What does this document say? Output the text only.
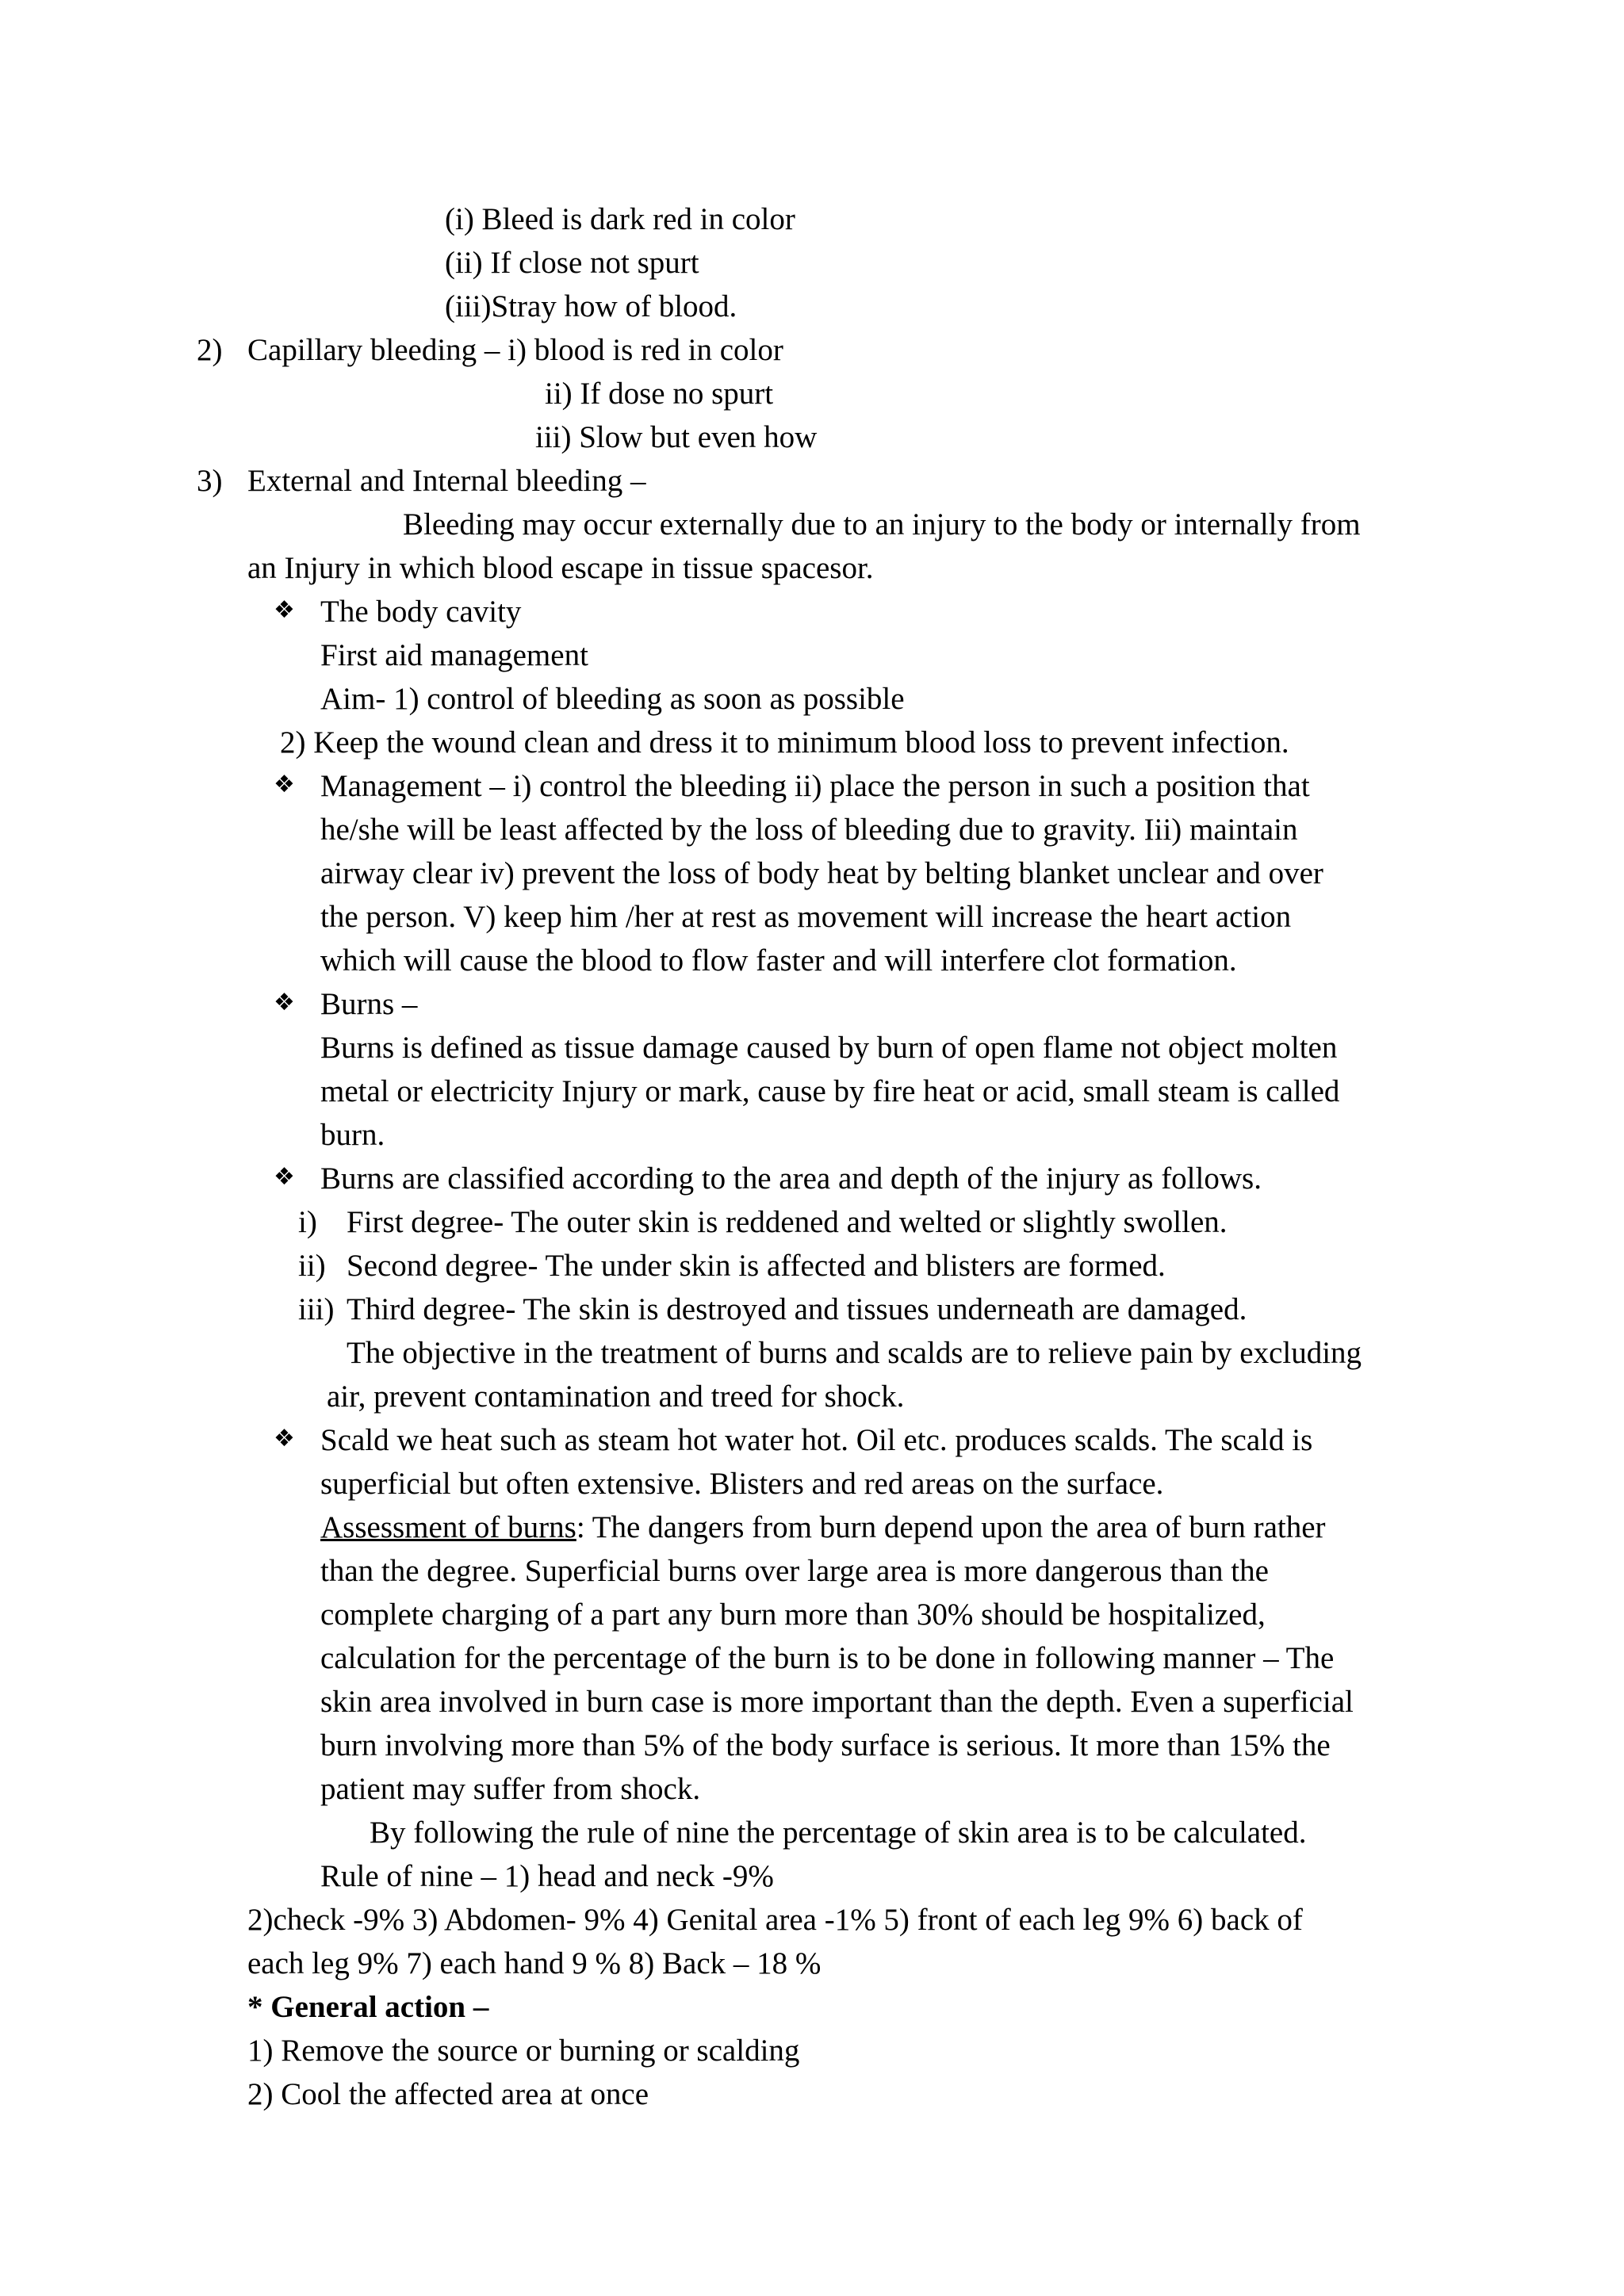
(i) Bleed is dark red in color
(ii) If close not spurt
(iii)Stray how of blood.
2) Capillary bleeding – i) blood is red in color
ii) If dose no spurt
iii) Slow but even how
3) External and Internal bleeding –
Bleeding may occur externally due to an injury to the body or internally from
an Injury in which blood escape in tissue spacesor.
❖ The body cavity
First aid management
Aim- 1) control of bleeding as soon as possible
2) Keep the wound clean and dress it to minimum blood loss to prevent infection.
❖ Management – i) control the bleeding ii) place the person in such a position that
he/she will be least affected by the loss of bleeding due to gravity. Iii) maintain
airway clear iv) prevent the loss of body heat by belting blanket unclear and over
the person. V) keep him /her at rest as movement will increase the heart action
which will cause the blood to flow faster and will interfere clot formation.
❖ Burns –
Burns is defined as tissue damage caused by burn of open flame not object molten
metal or electricity Injury or mark, cause by fire heat or acid, small steam is called
burn.
❖ Burns are classified according to the area and depth of the injury as follows.
i) First degree- The outer skin is reddened and welted or slightly swollen.
ii) Second degree- The under skin is affected and blisters are formed.
iii) Third degree- The skin is destroyed and tissues underneath are damaged.
The objective in the treatment of burns and scalds are to relieve pain by excluding
air, prevent contamination and treed for shock.
❖ Scald we heat such as steam hot water hot. Oil etc. produces scalds. The scald is
superficial but often extensive. Blisters and red areas on the surface.
Assessment of burns: The dangers from burn depend upon the area of burn rather
than the degree. Superficial burns over large area is more dangerous than the
complete charging of a part any burn more than 30% should be hospitalized,
calculation for the percentage of the burn is to be done in following manner – The
skin area involved in burn case is more important than the depth. Even a superficial
burn involving more than 5% of the body surface is serious. It more than 15% the
patient may suffer from shock.
By following the rule of nine the percentage of skin area is to be calculated.
Rule of nine – 1) head and neck -9%
2)check -9% 3) Abdomen- 9% 4) Genital area -1% 5) front of each leg 9% 6) back of
each leg 9% 7) each hand 9 % 8) Back – 18 %
* General action –
1) Remove the source or burning or scalding
2) Cool the affected area at once
